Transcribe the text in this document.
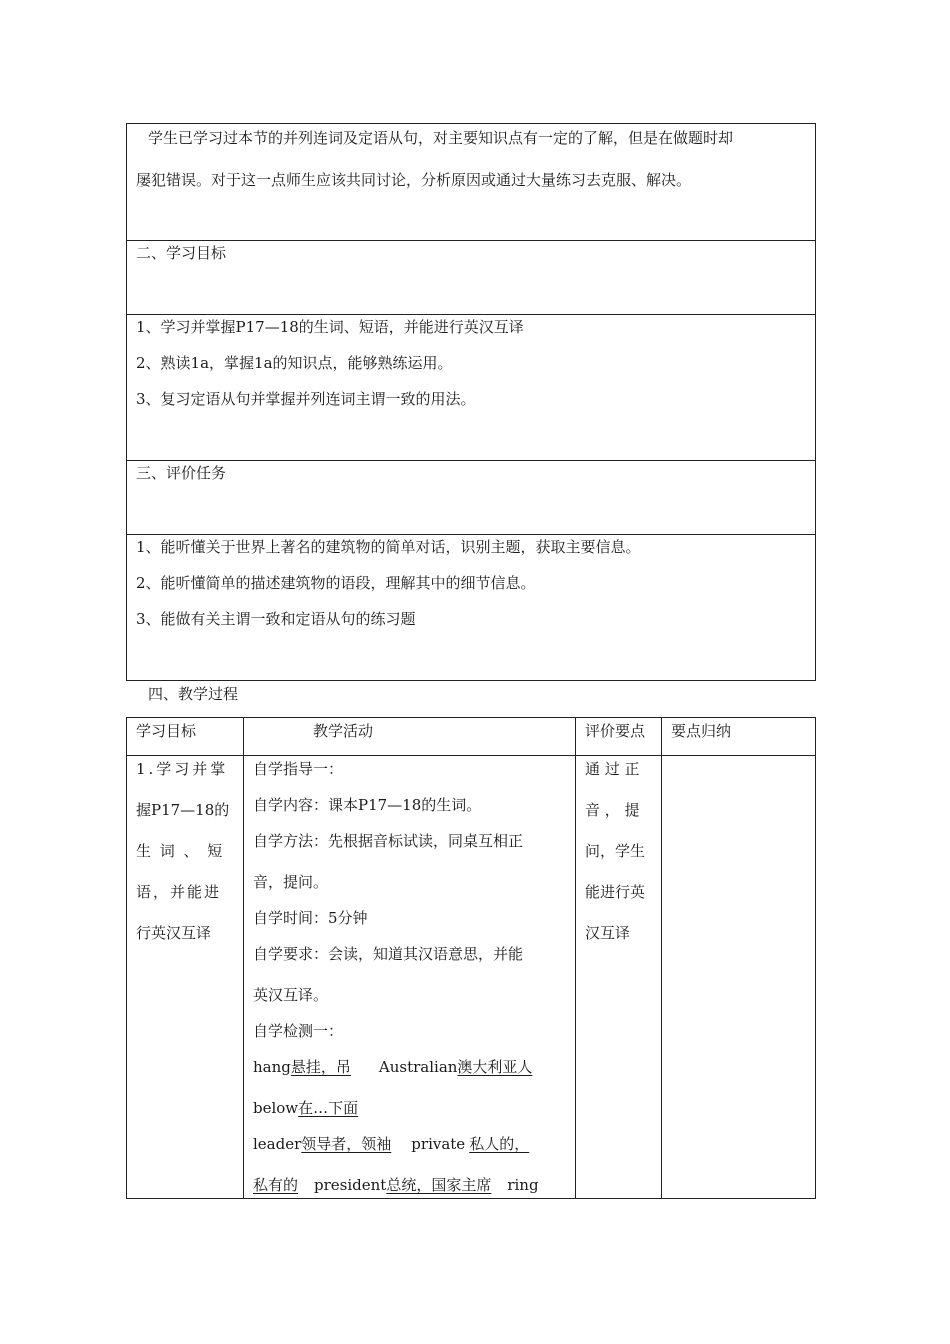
学生已学习过本节的并列连词及定语从句，对主要知识点有一定的了解，但是在做题时却
屡犯错误。对于这一点师生应该共同讨论，分析原因或通过大量练习去克服、解决。
二、学习目标
1、学习并掌握P17—18的生词、短语，并能进行英汉互译
2、熟读1a，掌握1a的知识点，能够熟练运用。
3、复习定语从句并掌握并列连词主谓一致的用法。
三、评价任务
1、能听懂关于世界上著名的建筑物的简单对话，识别主题，获取主要信息。
2、能听懂简单的描述建筑物的语段，理解其中的细节信息。
3、能做有关主谓一致和定语从句的练习题
四、教学过程
学习目标	教学活动	评价要点 要点归纳
1.学习并掌
握P17—18的
生 词 、 短
语，并能进
行英汉互译
自学指导一：
自学内容：课本P17—18的生词。
自学方法：先根据音标试读，同桌互相正
音，提问。
自学时间：5分钟
自学要求：会读，知道其汉语意思，并能
英汉互译。
自学检测一：
hang悬挂，吊 Australian澳大利亚人
below在…下面
leader领导者，领袖 private 私人的，
私有的 president总统，国家主席 ring
通 过 正
音 ， 提
问，学生
能进行英
汉互译
